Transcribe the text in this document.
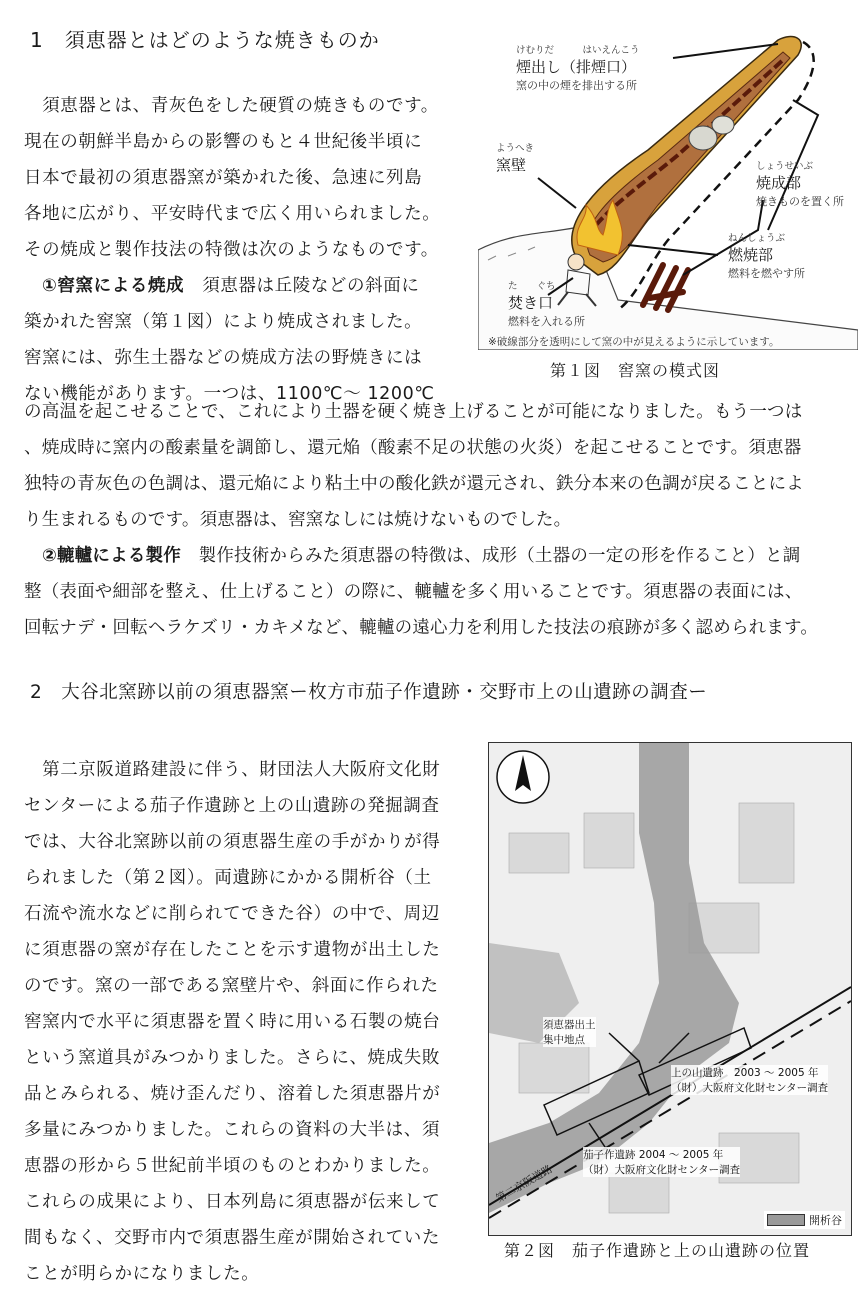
1　須恵器とはどのような焼きものか
　須恵器とは、青灰色をした硬質の焼きものです。
現在の朝鮮半島からの影響のもと４世紀後半頃に
日本で最初の須恵器窯が築かれた後、急速に列島
各地に広がり、平安時代まで広く用いられました。
その焼成と製作技法の特徴は次のようなものです。
①窖窯による焼成　須恵器は丘陵などの斜面に
築かれた窖窯（第１図）により焼成されました。
窖窯には、弥生土器などの焼成方法の野焼きには
ない機能があります。一つは、1100℃～ 1200℃
の高温を起こせることで、これにより土器を硬く焼き上げることが可能になりました。もう一つは
、焼成時に窯内の酸素量を調節し、還元焔（酸素不足の状態の火炎）を起こせることです。須恵器
独特の青灰色の色調は、還元焔により粘土中の酸化鉄が還元され、鉄分本来の色調が戻ることによ
り生まれるものです。須恵器は、窖窯なしには焼けないものでした。
②轆轤による製作　製作技術からみた須恵器の特徴は、成形（土器の一定の形を作ること）と調
整（表面や細部を整え、仕上げること）の際に、轆轤を多く用いることです。須恵器の表面には、
回転ナデ・回転ヘラケズリ・カキメなど、轆轤の遠心力を利用した技法の痕跡が多く認められます。
けむりだ　　　はいえんこう
煙出し（排煙口）
窯の中の煙を排出する所
ようへき
窯壁	しょうせいぶ
焼成部
焼きものを置く所
ねんしょうぶ
燃焼部
燃料を燃やす所
た　　ぐち
焚き口
燃料を入れる所
※破線部分を透明にして窯の中が見えるように示しています。
第１図　窖窯の模式図
2　大谷北窯跡以前の須恵器窯ー枚方市茄子作遺跡・交野市上の山遺跡の調査ー
　第二京阪道路建設に伴う、財団法人大阪府文化財
センターによる茄子作遺跡と上の山遺跡の発掘調査
では、大谷北窯跡以前の須恵器生産の手がかりが得
られました（第２図）。両遺跡にかかる開析谷（土
石流や流水などに削られてできた谷）の中で、周辺
に須恵器の窯が存在したことを示す遺物が出土した
のです。窯の一部である窯壁片や、斜面に作られた
窖窯内で水平に須恵器を置く時に用いる石製の焼台
という窯道具がみつかりました。さらに、焼成失敗
品とみられる、焼け歪んだり、溶着した須恵器片が
多量にみつかりました。これらの資料の大半は、須
恵器の形から５世紀前半頃のものとわかりました。
これらの成果により、日本列島に須恵器が伝来して
間もなく、交野市内で須恵器生産が開始されていた
ことが明らかになりました。
須恵器出土
集中地点
上の山遺跡　2003 ～ 2005 年
（財）大阪府文化財センター調査
茄子作遺跡 2004 ～ 2005 年
（財）大阪府文化財センター調査
第二京阪道路
開析谷
第２図　茄子作遺跡と上の山遺跡の位置
